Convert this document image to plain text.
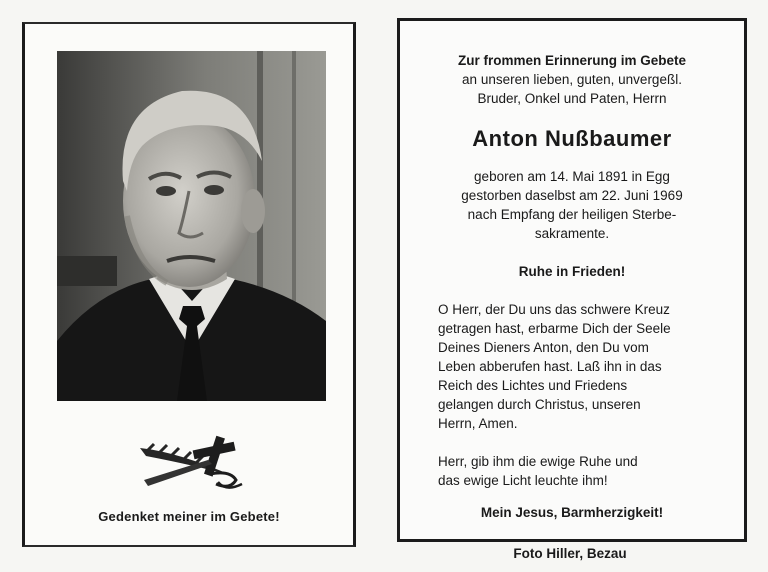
Gedenket meiner im Gebete!
Zur frommen Erinnerung im Gebete
an unseren lieben, guten, unvergeßl.
Bruder, Onkel und Paten, Herrn
Anton Nußbaumer
geboren am 14. Mai 1891 in Egg
gestorben daselbst am 22. Juni 1969
nach Empfang der heiligen Sterbe-
sakramente.
Ruhe in Frieden!
O Herr, der Du uns das schwere Kreuz
getragen hast, erbarme Dich der Seele
Deines Dieners Anton, den Du vom
Leben abberufen hast. Laß ihn in das
Reich des Lichtes und Friedens
gelangen durch Christus, unseren
Herrn, Amen.
Herr, gib ihm die ewige Ruhe und
das ewige Licht leuchte ihm!
Mein Jesus, Barmherzigkeit!
Foto Hiller, Bezau
